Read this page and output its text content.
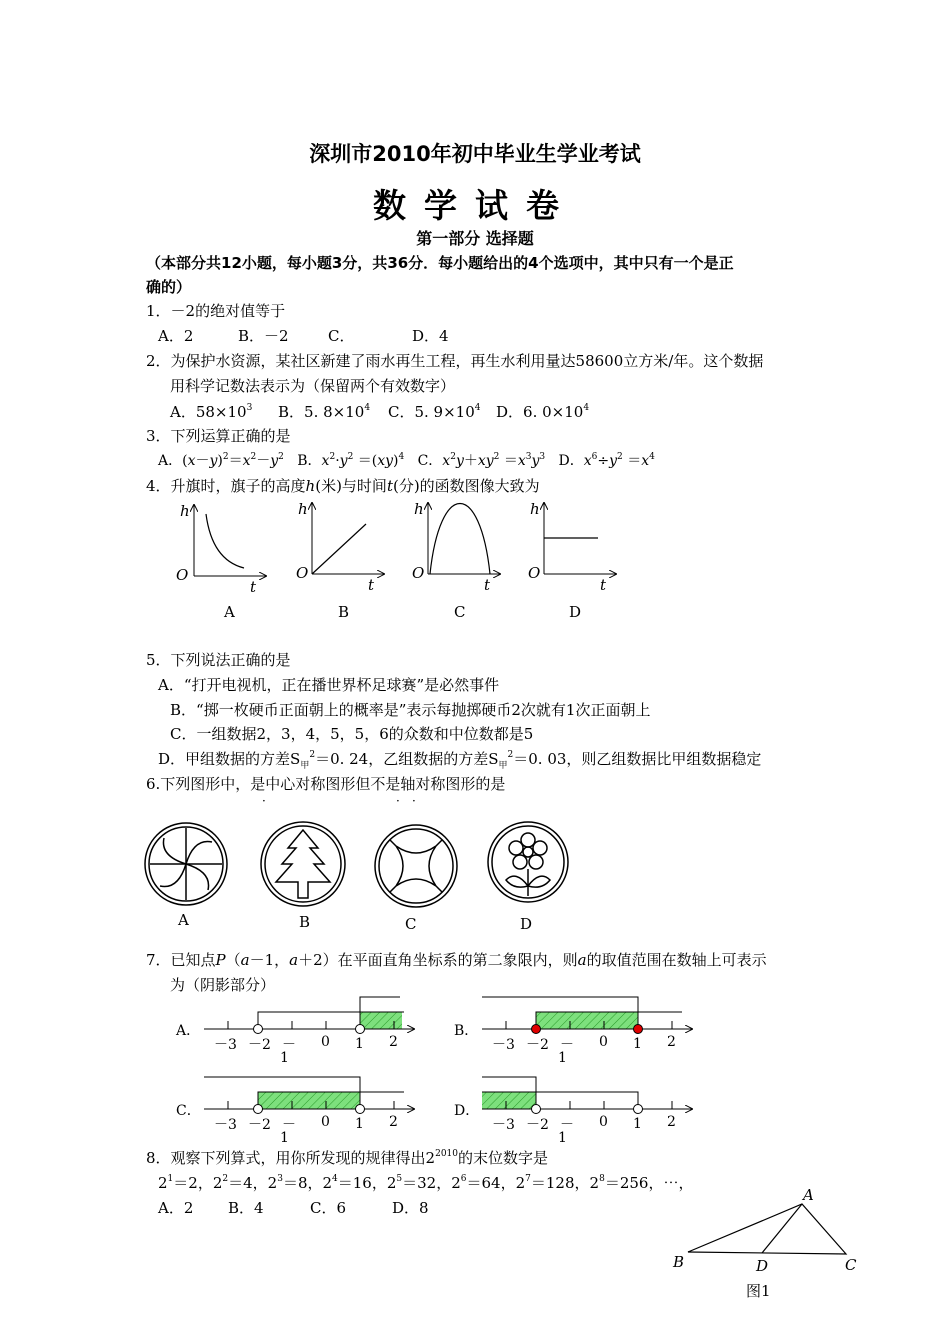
深圳市2010年初中毕业生学业考试
数学试卷
第一部分 选择题
（本部分共12小题，每小题3分，共36分．每小题给出的4个选项中，其中只有一个是正
确的）
1．－2的绝对值等于
A．2	B．－2	C．	D．4
2．为保护水资源，某社区新建了雨水再生工程，再生水利用量达58600立方米/年。这个数据
用科学记数法表示为（保留两个有效数字）
A．$58\times 10^3$ B．5. $8\times 10^4$ C．5. $9\times 10^4$ D．6. $0\times 10^4$
3．下列运算正确的是
A．$(x-y)^2=x^2-y^2$   B．$x^2\cdot y^2 =(xy)^4$   C．$x^2y+xy^2 =x^3y^3$   D．$x^6\div y^2 =x^4$
4．升旗时，旗子的高度h(米)与时间t(分)的函数图像大致为
h
O
t
A
h
O
t
B
h
O
t
C
h
O
t
D
A	B	C	D
A
B	D	C
图1
5．下列说法正确的是
A．“打开电视机，正在播世界杯足球赛”是必然事件
B．“掷一枚硬币正面朝上的概率是”表示每抛掷硬币2次就有1次正面朝上
C．一组数据2，3，4，5，5，6的众数和中位数都是5
D．甲组数据的方差$S_甲^2=0$. 24，乙组数据的方差$S_甲^2=0$. 03，则乙组数据比甲组数据稳定
6.下列图形中，是中心对称图形但不是轴对称图形的是
·	· ·
7．已知点P（a－1，a＋2）在平面直角坐标系的第二象限内，则a的取值范围在数轴上可表示
为（阴影部分）
A．	B．
C．	D．
－3 －2 －
1
0 1 2	－3 －2 －
1
0 1 2
－3 －2 －
1
0 1 2	－3 －2 －
1
0 1 2
8．观察下列算式，用你所发现的规律得出$2^{2010}$的末位数字是
$2^1=2$，$2^2=4$，$2^3=8$，$2^4=16$，$2^5=32$，$2^6=64$，$2^7=128$，$2^8=256$，⋯，
A．2 B．4	C．6	D．8
